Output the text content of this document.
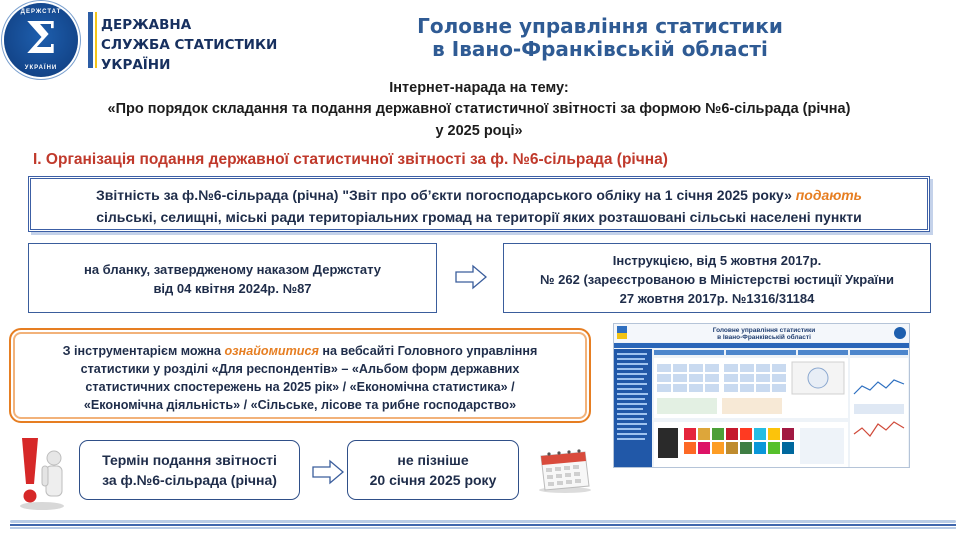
ДЕРЖСТАТ
Σ
УКРАЇНИ
ДЕРЖАВНА
СЛУЖБА СТАТИСТИКИ
УКРАЇНИ
Головне управління статистики
в Івано-Франківській області
Інтернет-нарада на тему:
«Про порядок складання та подання державної статистичної звітності за формою №6-сільрада (річна)
у 2025 році»
І. Організація подання державної статистичної звітності за ф. №6-сільрада (річна)
Звітність за ф.№6-сільрада (річна) "Звіт про об’єкти погосподарського обліку на 1 січня 2025 року» подають
сільські, селищні, міські ради територіальних громад на території яких розташовані сільські населені пункти
на бланку, затвердженому наказом Держстату
від 04 квітня 2024р. №87
Інструкцією, від 5 жовтня 2017р.
№ 262 (зареєстрованою в Міністерстві юстиції України
27 жовтня 2017р. №1316/31184
З інструментарієм можна ознайомитися на вебсайті Головного управління
статистики у розділі «Для респондентів» – «Альбом форм державних
статистичних спостережень на 2025 рік» / «Економічна статистика» /
«Економічна діяльність» / «Сільське, лісове та рибне господарство»
Головне управління статистики
в Івано-Франківській області
Термін подання звітності
за ф.№6-сільрада (річна)
не пізніше
20 січня 2025 року
